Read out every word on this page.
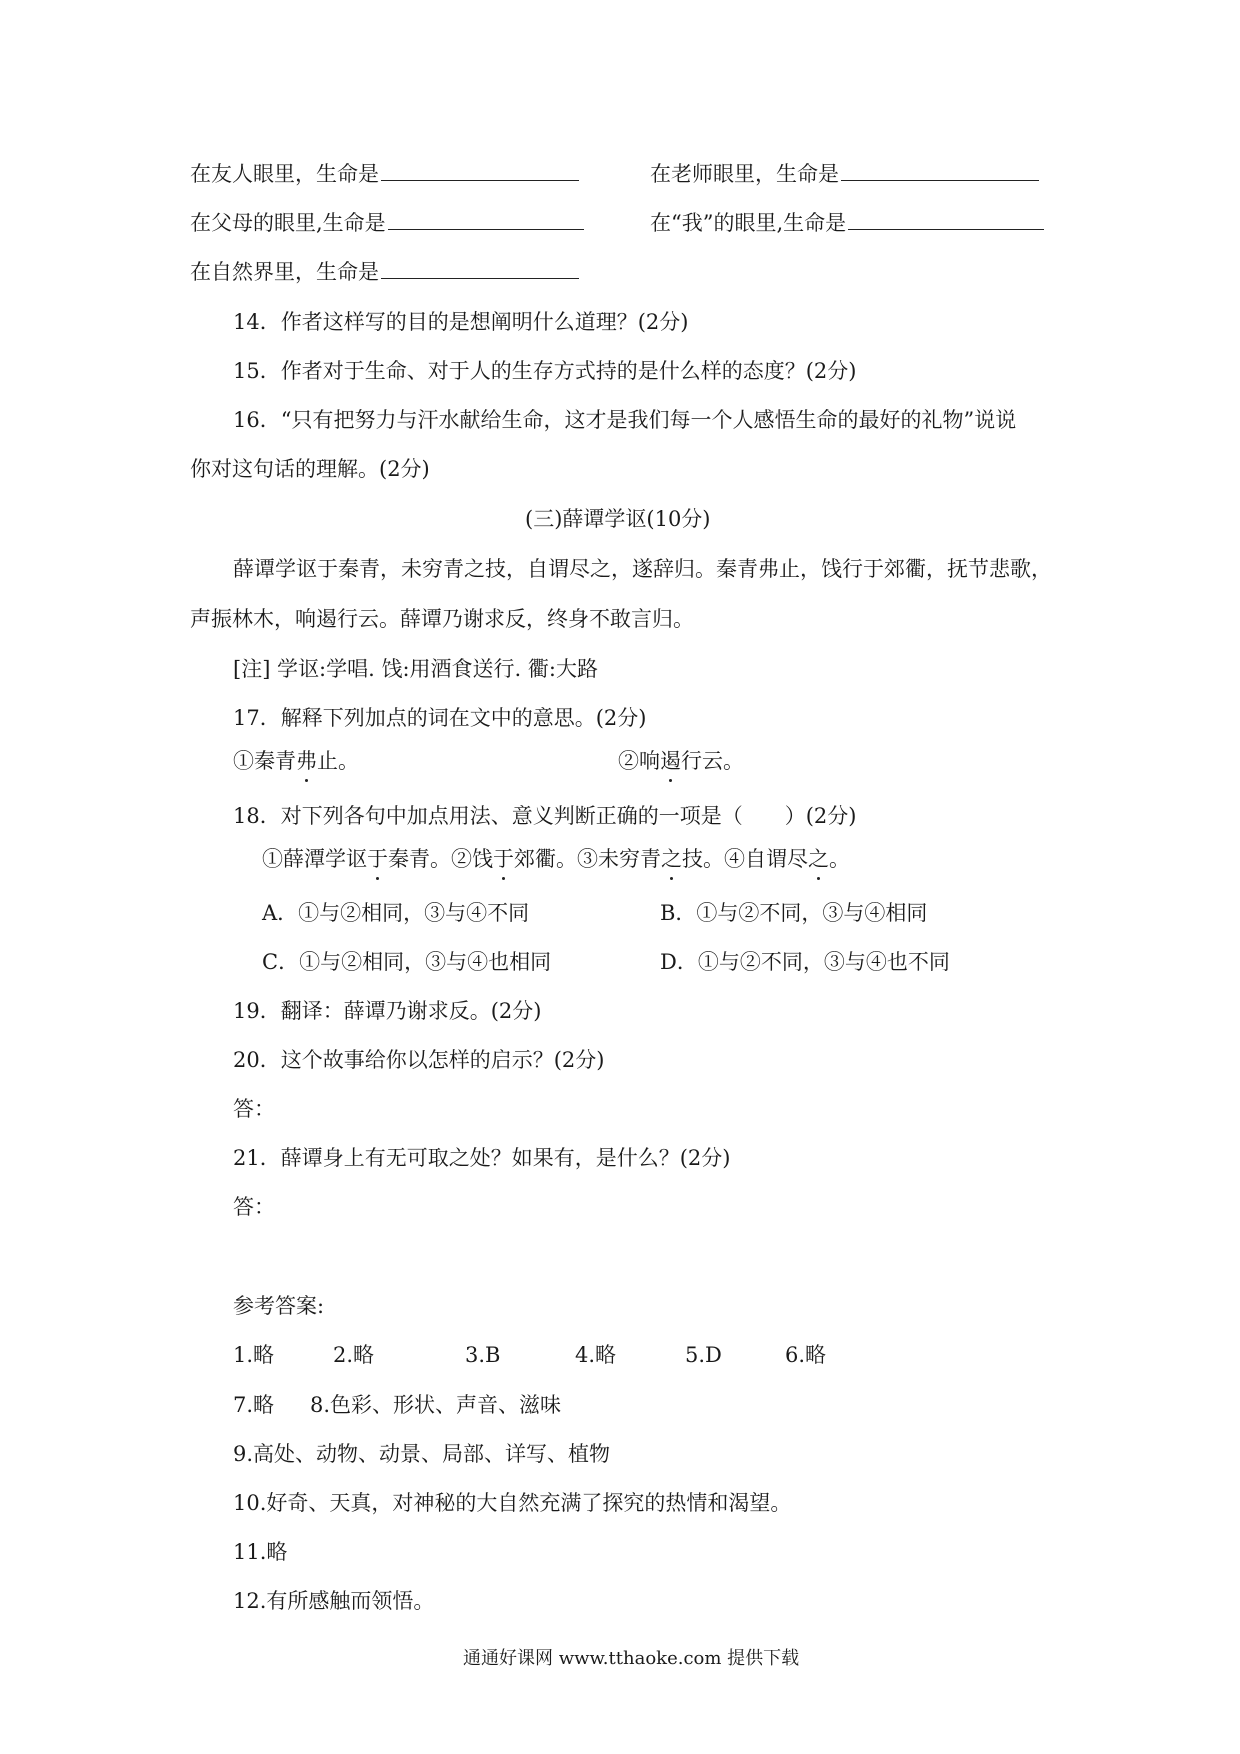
在友人眼里，生命是	在老师眼里，生命是
在父母的眼里,生命是	在“我”的眼里,生命是
在自然界里，生命是
14．作者这样写的目的是想阐明什么道理？(2分)
15．作者对于生命、对于人的生存方式持的是什么样的态度？(2分)
16．“只有把努力与汗水献给生命，这才是我们每一个人感悟生命的最好的礼物”说说
你对这句话的理解。(2分)
(三)薛谭学讴(10分)
薛谭学讴于秦青，未穷青之技，自谓尽之，遂辞归。秦青弗止，饯行于郊衢，抚节悲歌，
声振林木，响遏行云。薛谭乃谢求反，终身不敢言归。
[注] 学讴:学唱. 饯:用酒食送行. 衢:大路
17．解释下列加点的词在文中的意思。(2分)
①秦青弗止。	②响遏行云。
18．对下列各句中加点用法、意义判断正确的一项是（　　）(2分)
①薛潭学讴于秦青。②饯于郊衢。③未穷青之技。④自谓尽之。
A．①与②相同，③与④不同	B．①与②不同，③与④相同
C．①与②相同，③与④也相同	D．①与②不同，③与④也不同
19．翻译：薛谭乃谢求反。(2分)
20．这个故事给你以怎样的启示？(2分)
答：
21．薛谭身上有无可取之处？如果有，是什么？(2分)
答：
参考答案:
1.略	2.略	3.B	4.略	5.D	6.略
7.略 8.色彩、形状、声音、滋味
9.高处、动物、动景、局部、详写、植物
10.好奇、天真，对神秘的大自然充满了探究的热情和渴望。
11.略
12.有所感触而领悟。
通通好课网 www.tthaoke.com 提供下载
